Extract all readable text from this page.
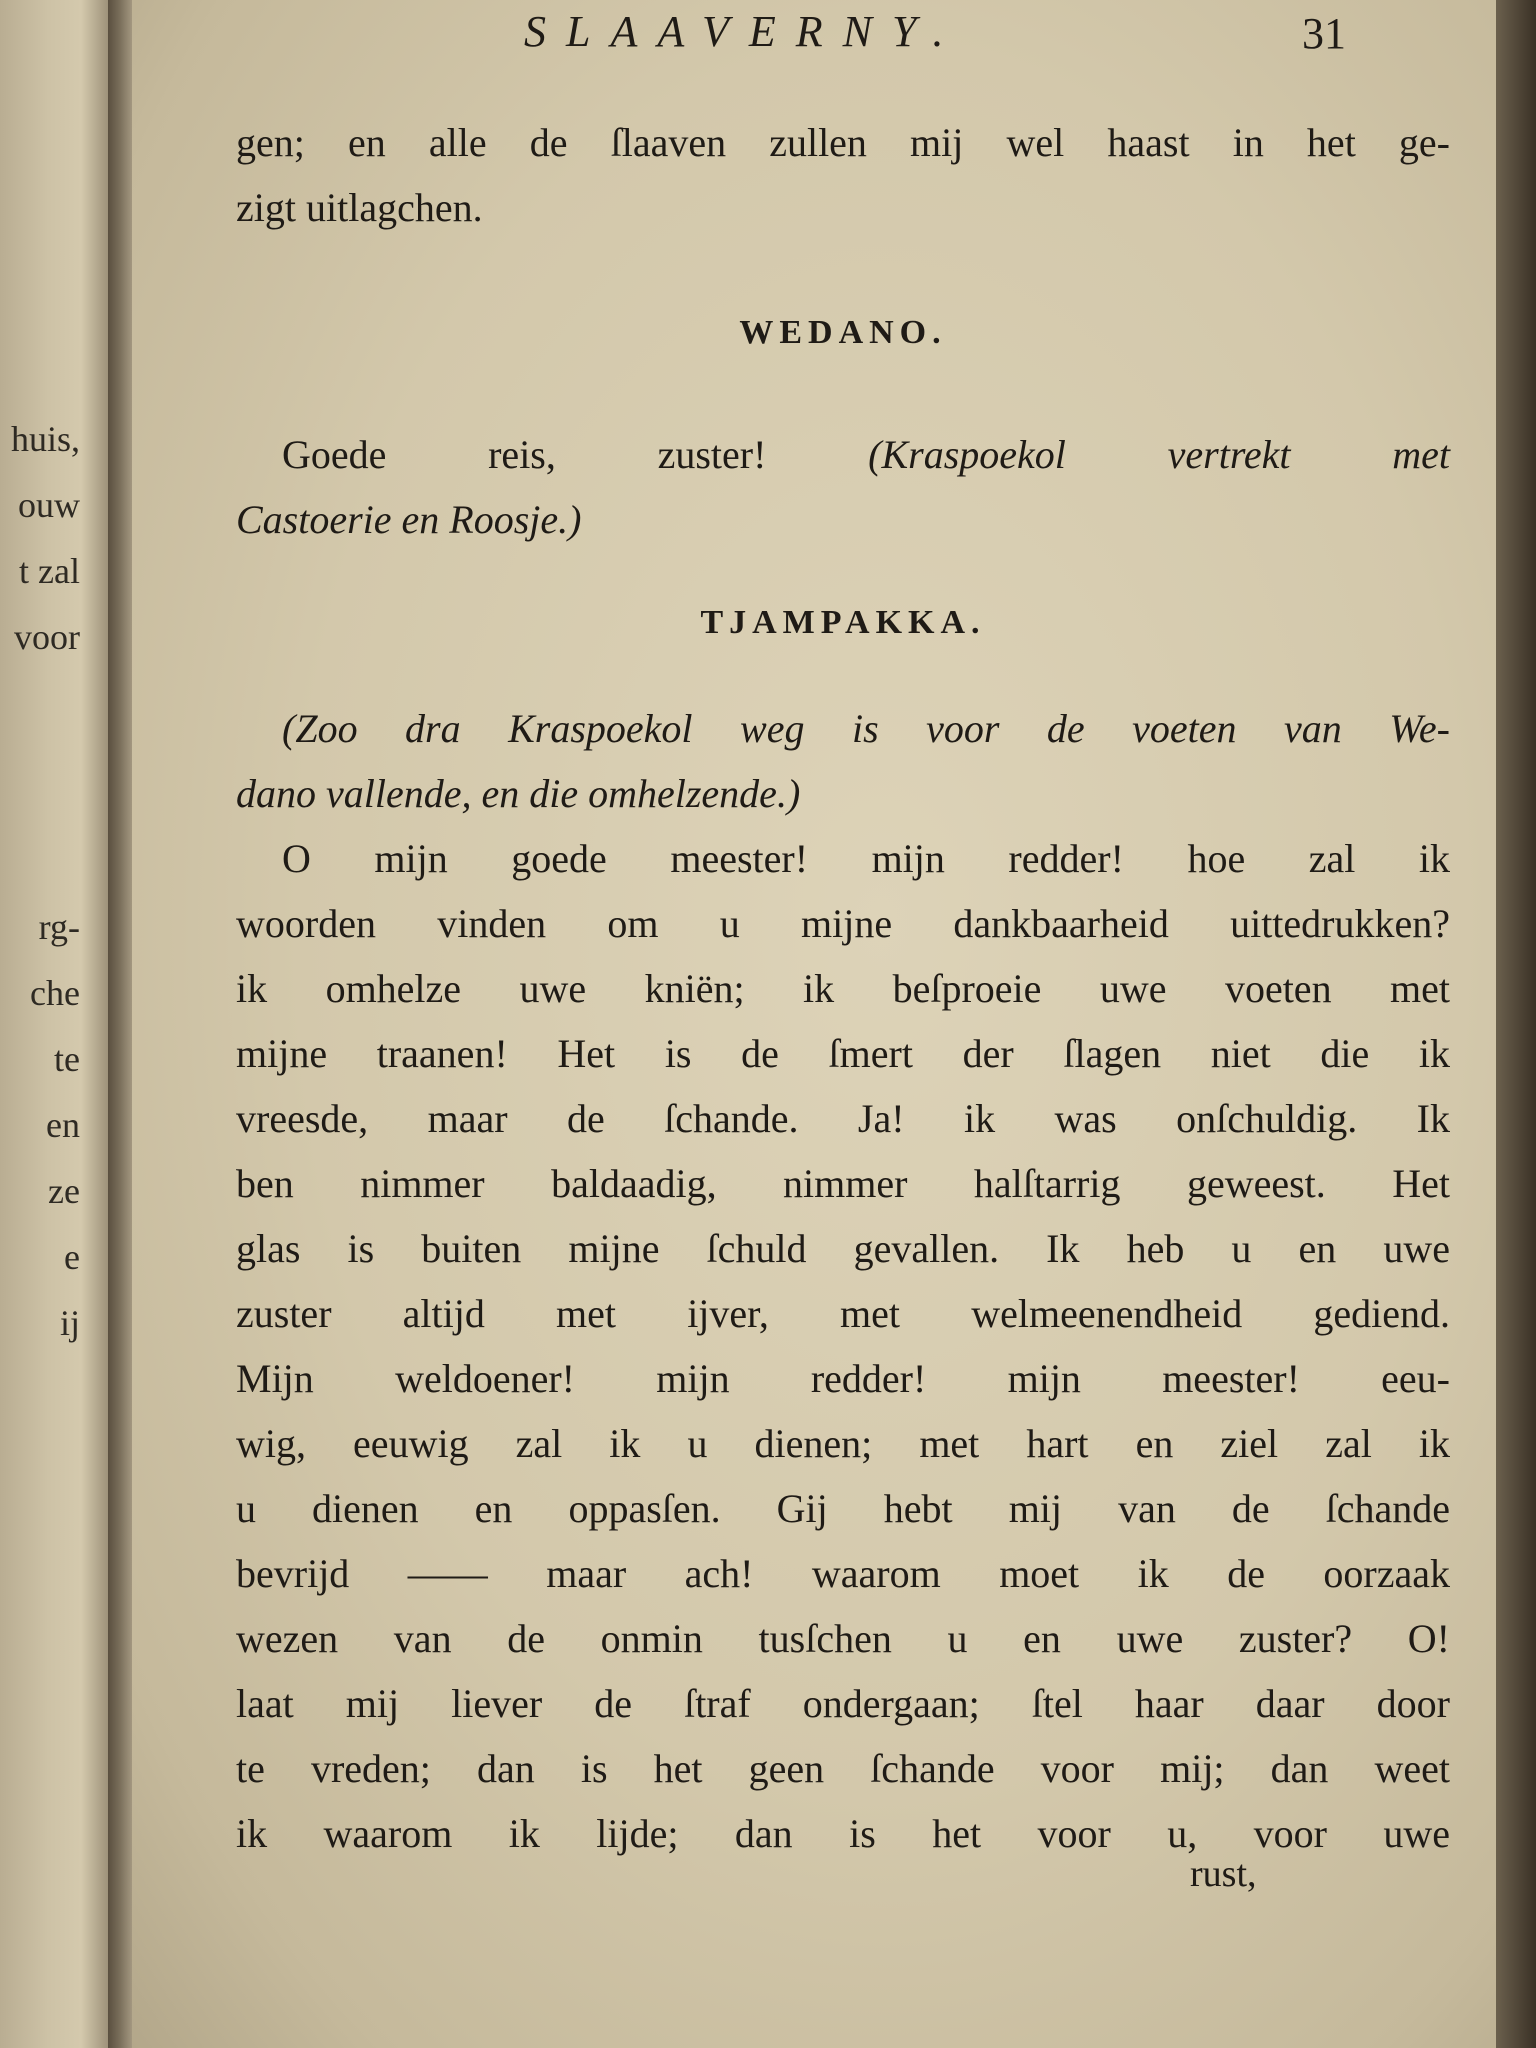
huis,
ouw
t zal
voor
rg-
che
te
en
ze
e
ij
SLAAVERNY.	31
gen; en alle de ſlaaven zullen mij wel haast in het ge-
zigt uitlagchen.
WEDANO.
Goede reis, zuster!	(Kraspoekol vertrekt met
Castoerie en Roosje.)
TJAMPAKKA.
(Zoo dra Kraspoekol weg is voor de voeten van We-
dano vallende, en die omhelzende.)
O mijn goede meester! mijn redder! hoe zal ik
woorden vinden om u mijne dankbaarheid uittedrukken?
ik omhelze uwe kniën; ik beſproeie uwe voeten met
mijne traanen! Het is de ſmert der ſlagen niet die ik
vreesde, maar de ſchande. Ja! ik was onſchuldig. Ik
ben nimmer baldaadig, nimmer halſtarrig geweest. Het
glas is buiten mijne ſchuld gevallen. Ik heb u en uwe
zuster altijd met ijver, met welmeenendheid gediend.
Mijn weldoener! mijn redder! mijn meester! eeu-
wig, eeuwig zal ik u dienen; met hart en ziel zal ik
u dienen en oppasſen. Gij hebt mij van de ſchande
bevrijd —— maar ach! waarom moet ik de oorzaak
wezen van de onmin tusſchen u en uwe zuster? O!
laat mij liever de ſtraf ondergaan; ſtel haar daar door
te vreden; dan is het geen ſchande voor mij; dan weet
ik waarom ik lijde; dan is het voor u, voor uwe
rust,
